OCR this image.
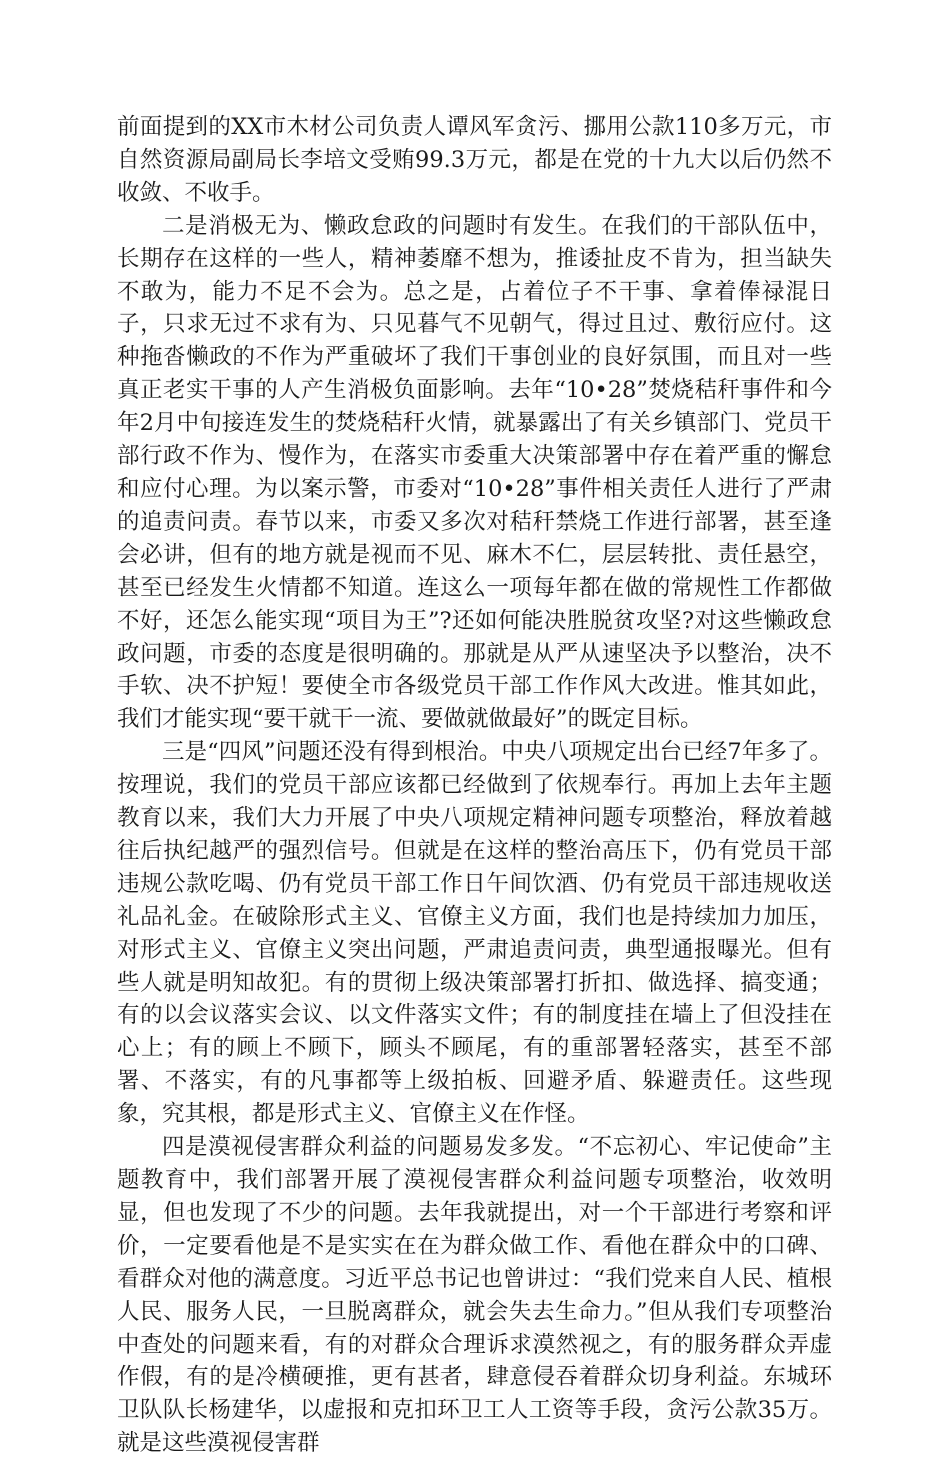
前面提到的XX市木材公司负责人谭风军贪污、挪用公款110多万元，市自然资源局副局长李培文受贿99.3万元，都是在党的十九大以后仍然不收敛、不收手。

二是消极无为、懒政怠政的问题时有发生。在我们的干部队伍中，长期存在这样的一些人，精神萎靡不想为，推诿扯皮不肯为，担当缺失不敢为，能力不足不会为。总之是，占着位子不干事、拿着俸禄混日子，只求无过不求有为、只见暮气不见朝气，得过且过、敷衍应付。这种拖沓懒政的不作为严重破坏了我们干事创业的良好氛围，而且对一些真正老实干事的人产生消极负面影响。去年“10•28”焚烧秸秆事件和今年2月中旬接连发生的焚烧秸秆火情，就暴露出了有关乡镇部门、党员干部行政不作为、慢作为，在落实市委重大决策部署中存在着严重的懈怠和应付心理。为以案示警，市委对“10•28”事件相关责任人进行了严肃的追责问责。春节以来，市委又多次对秸秆禁烧工作进行部署，甚至逢会必讲，但有的地方就是视而不见、麻木不仁，层层转批、责任悬空，甚至已经发生火情都不知道。连这么一项每年都在做的常规性工作都做不好，还怎么能实现“项目为王”?还如何能决胜脱贫攻坚?对这些懒政怠政问题，市委的态度是很明确的。那就是从严从速坚决予以整治，决不手软、决不护短！要使全市各级党员干部工作作风大改进。惟其如此，我们才能实现“要干就干一流、要做就做最好”的既定目标。

三是“四风”问题还没有得到根治。中央八项规定出台已经7年多了。按理说，我们的党员干部应该都已经做到了依规奉行。再加上去年主题教育以来，我们大力开展了中央八项规定精神问题专项整治，释放着越往后执纪越严的强烈信号。但就是在这样的整治高压下，仍有党员干部违规公款吃喝、仍有党员干部工作日午间饮酒、仍有党员干部违规收送礼品礼金。在破除形式主义、官僚主义方面，我们也是持续加力加压，对形式主义、官僚主义突出问题，严肃追责问责，典型通报曝光。但有些人就是明知故犯。有的贯彻上级决策部署打折扣、做选择、搞变通；有的以会议落实会议、以文件落实文件；有的制度挂在墙上了但没挂在心上；有的顾上不顾下，顾头不顾尾，有的重部署轻落实，甚至不部署、不落实，有的凡事都等上级拍板、回避矛盾、躲避责任。这些现象，究其根，都是形式主义、官僚主义在作怪。

四是漠视侵害群众利益的问题易发多发。“不忘初心、牢记使命”主题教育中，我们部署开展了漠视侵害群众利益问题专项整治，收效明显，但也发现了不少的问题。去年我就提出，对一个干部进行考察和评价，一定要看他是不是实实在在为群众做工作、看他在群众中的口碑、看群众对他的满意度。习近平总书记也曾讲过：“我们党来自人民、植根人民、服务人民，一旦脱离群众，就会失去生命力。”但从我们专项整治中查处的问题来看，有的对群众合理诉求漠然视之，有的服务群众弄虚作假，有的是冷横硬推，更有甚者，肆意侵吞着群众切身利益。东城环卫队队长杨建华，以虚报和克扣环卫工人工资等手段，贪污公款35万。就是这些漠视侵害群
